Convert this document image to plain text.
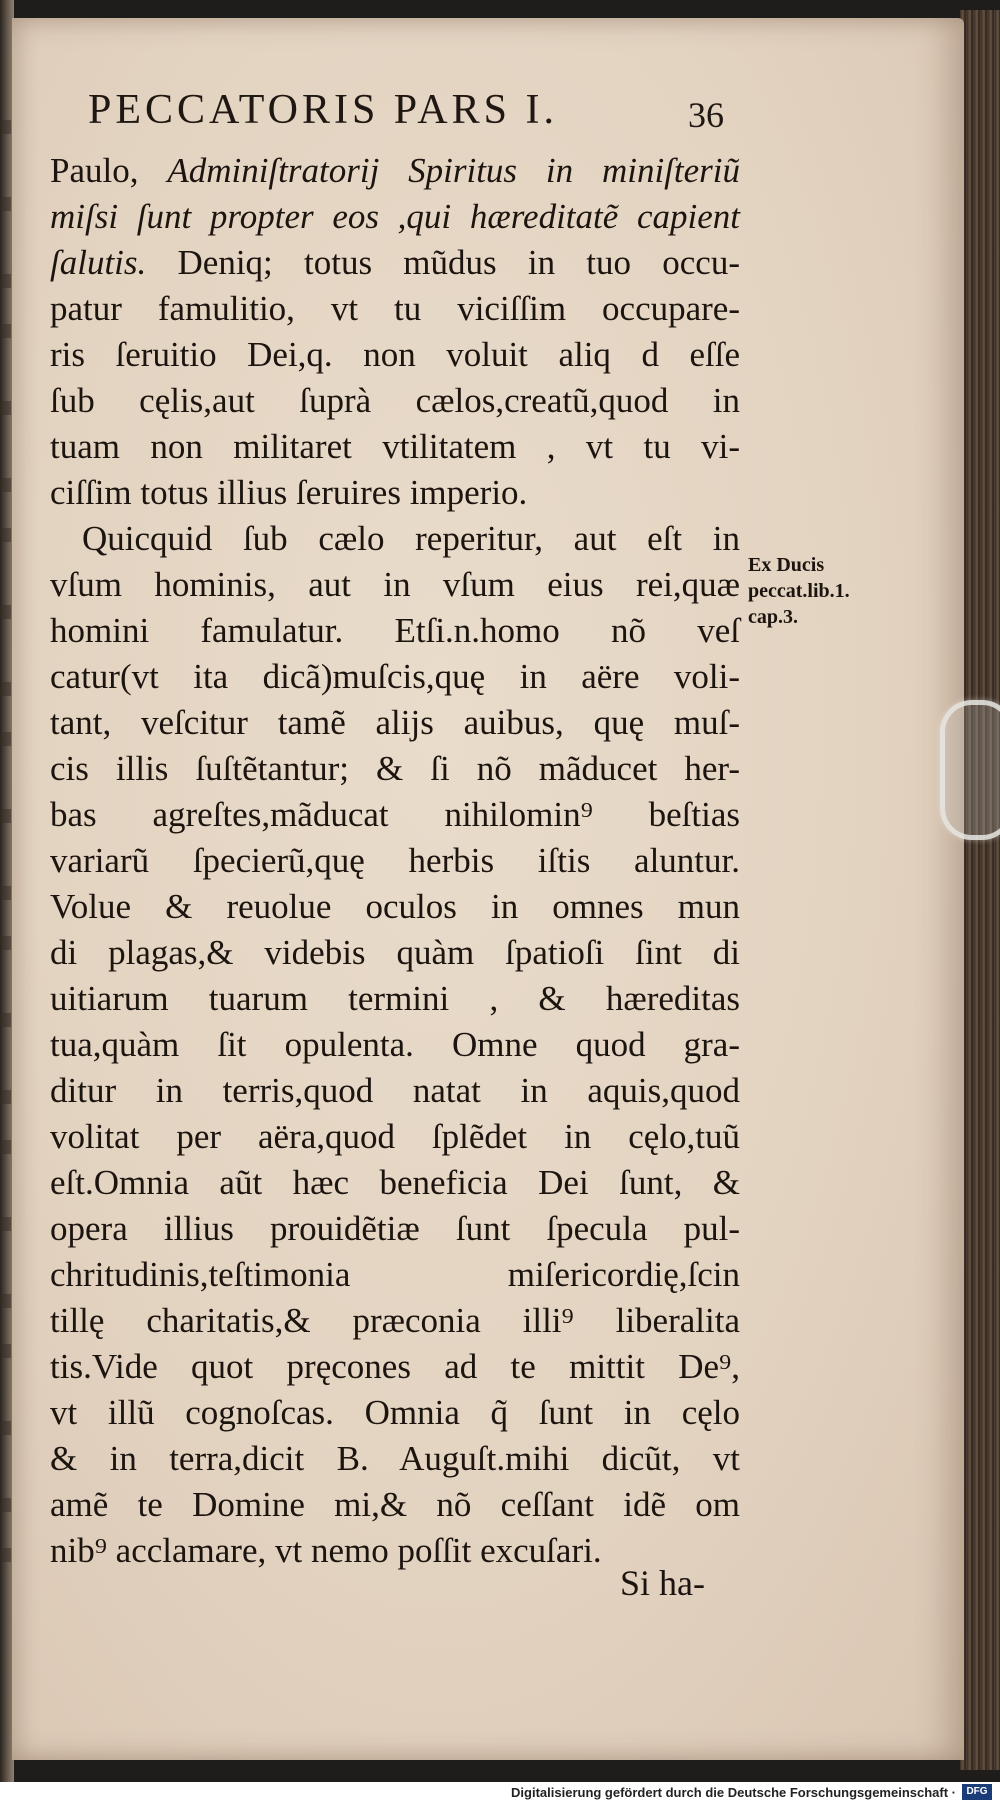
PECCATORIS PARS I.	36
Paulo, Adminiſtratorij Spiritus in miniſteriũ
miſsi ſunt propter eos ,qui hæreditatẽ capient
ſalutis. Deniq; totus mũdus in tuo occu-
patur famulitio, vt tu viciſſim occupare-
ris ſeruitio Dei,q. non voluit aliq d eſſe
ſub cęlis,aut ſuprà cælos,creatũ,quod in
tuam non militaret vtilitatem , vt tu vi-
ciſſim totus illius ſeruires imperio.
Quicquid ſub cælo reperitur, aut eſt in
vſum hominis, aut in vſum eius rei,quæ
homini famulatur. Etſi.n.homo nõ veſ
catur(vt ita dicã)muſcis,quę in aëre voli-
tant, veſcitur tamẽ alijs auibus, quę muſ-
cis illis ſuſtẽtantur; & ſi nõ mãducet her-
bas agreſtes,mãducat nihilomin⁹ beſtias
variarũ ſpecierũ,quę herbis iſtis aluntur.
Volue & reuolue oculos in omnes mun
di plagas,& videbis quàm ſpatioſi ſint di
uitiarum tuarum termini , & hæreditas
tua,quàm ſit opulenta. Omne quod gra-
ditur in terris,quod natat in aquis,quod
volitat per aëra,quod ſplẽdet in cęlo,tuũ
eſt.Omnia aũt hæc beneficia Dei ſunt, &
opera illius prouidẽtiæ ſunt ſpecula pul-
chritudinis,teſtimonia miſericordię,ſcin
tillę charitatis,& præconia illi⁹ liberalita
tis.Vide quot pręcones ad te mittit De⁹,
vt illũ cognoſcas. Omnia q̃ ſunt in cęlo
& in terra,dicit B. Auguſt.mihi dicũt, vt
amẽ te Domine mi,& nõ ceſſant idẽ om
nib⁹ acclamare, vt nemo poſſit excuſari.
Ex Ducis
peccat.lib.1.
cap.3.
Si ha-
Digitalisierung gefördert durch die Deutsche Forschungsgemeinschaft ·	DFG
